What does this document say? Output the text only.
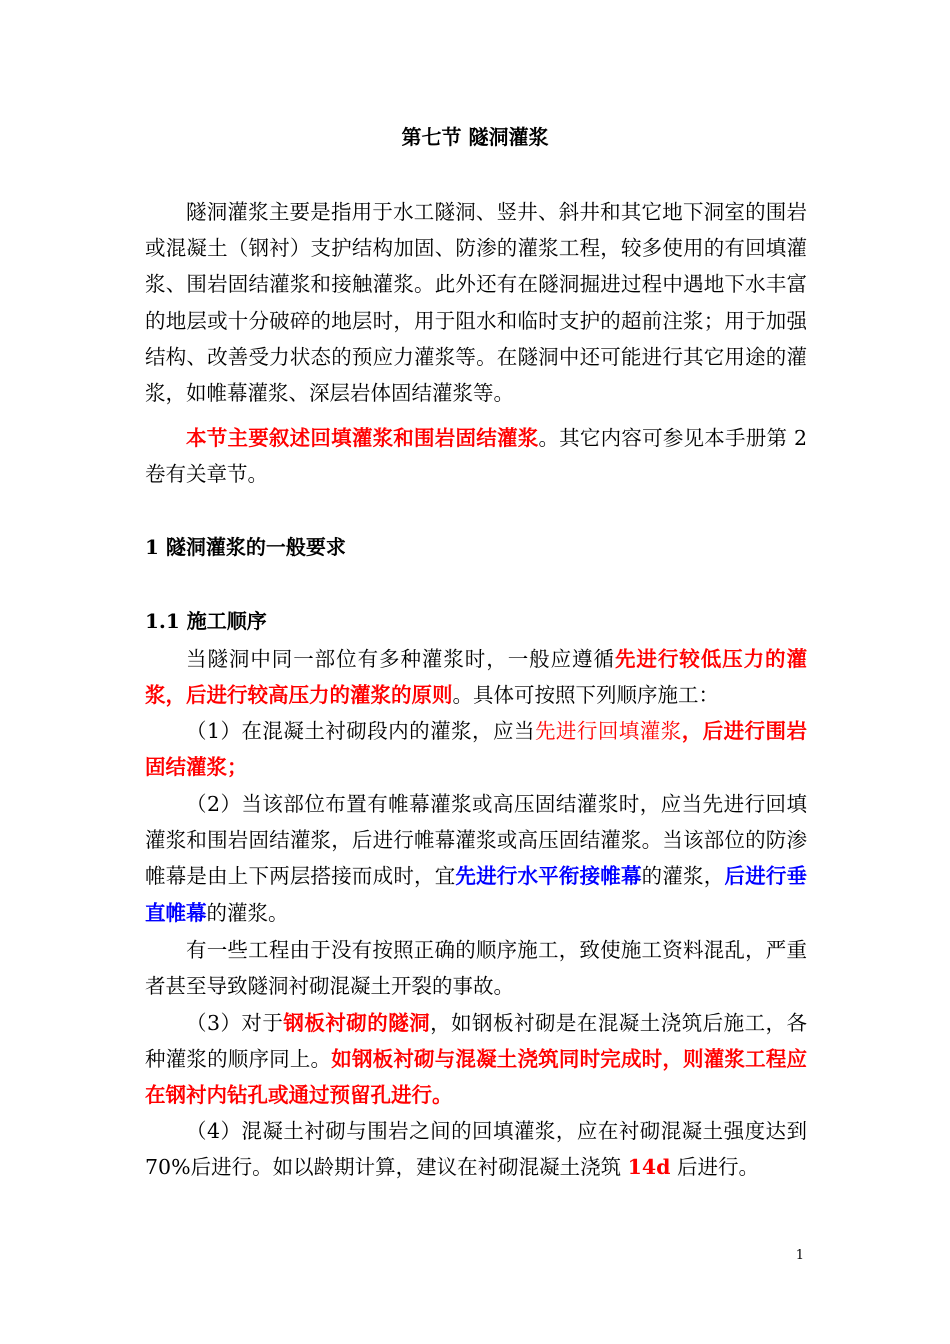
第七节 隧洞灌浆

隧洞灌浆主要是指用于水工隧洞、竖井、斜井和其它地下洞室的围岩或混凝土（钢衬）支护结构加固、防渗的灌浆工程，较多使用的有回填灌浆、围岩固结灌浆和接触灌浆。此外还有在隧洞掘进过程中遇地下水丰富的地层或十分破碎的地层时，用于阻水和临时支护的超前注浆；用于加强结构、改善受力状态的预应力灌浆等。在隧洞中还可能进行其它用途的灌浆，如帷幕灌浆、深层岩体固结灌浆等。

本节主要叙述回填灌浆和围岩固结灌浆。其它内容可参见本手册第 2 卷有关章节。

1 隧洞灌浆的一般要求
1.1 施工顺序

当隧洞中同一部位有多种灌浆时，一般应遵循先进行较低压力的灌浆，后进行较高压力的灌浆的原则。具体可按照下列顺序施工：

（1）在混凝土衬砌段内的灌浆，应当先进行回填灌浆，后进行围岩固结灌浆；

（2）当该部位布置有帷幕灌浆或高压固结灌浆时，应当先进行回填灌浆和围岩固结灌浆，后进行帷幕灌浆或高压固结灌浆。当该部位的防渗帷幕是由上下两层搭接而成时，宜先进行水平衔接帷幕的灌浆，后进行垂直帷幕的灌浆。

有一些工程由于没有按照正确的顺序施工，致使施工资料混乱，严重者甚至导致隧洞衬砌混凝土开裂的事故。

（3）对于钢板衬砌的隧洞，如钢板衬砌是在混凝土浇筑后施工，各种灌浆的顺序同上。如钢板衬砌与混凝土浇筑同时完成时，则灌浆工程应在钢衬内钻孔或通过预留孔进行。

（4）混凝土衬砌与围岩之间的回填灌浆，应在衬砌混凝土强度达到 70%后进行。如以龄期计算，建议在衬砌混凝土浇筑 14d 后进行。

1
